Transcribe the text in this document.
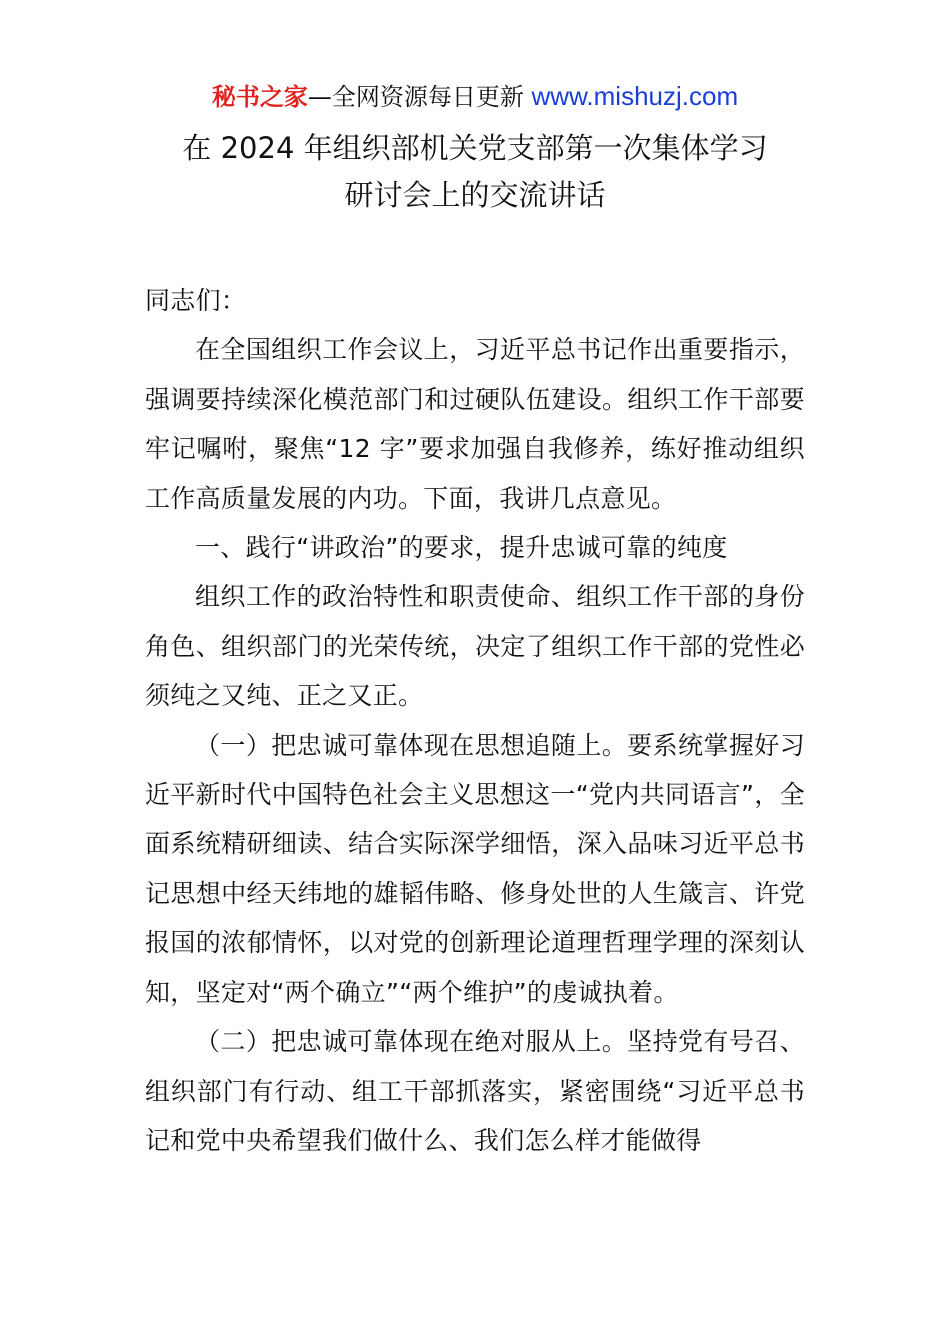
秘书之家—全网资源每日更新 www.mishuzj.com
在 2024 年组织部机关党支部第一次集体学习
研讨会上的交流讲话

同志们：

在全国组织工作会议上，习近平总书记作出重要指示，强调要持续深化模范部门和过硬队伍建设。组织工作干部要牢记嘱咐，聚焦“12 字”要求加强自我修养，练好推动组织工作高质量发展的内功。下面，我讲几点意见。

一、践行“讲政治”的要求，提升忠诚可靠的纯度

组织工作的政治特性和职责使命、组织工作干部的身份角色、组织部门的光荣传统，决定了组织工作干部的党性必须纯之又纯、正之又正。

（一）把忠诚可靠体现在思想追随上。要系统掌握好习近平新时代中国特色社会主义思想这一“党内共同语言”，全面系统精研细读、结合实际深学细悟，深入品味习近平总书记思想中经天纬地的雄韬伟略、修身处世的人生箴言、许党报国的浓郁情怀，以对党的创新理论道理哲理学理的深刻认知，坚定对“两个确立”“两个维护”的虔诚执着。

（二）把忠诚可靠体现在绝对服从上。坚持党有号召、组织部门有行动、组工干部抓落实，紧密围绕“习近平总书记和党中央希望我们做什么、我们怎么样才能做得
